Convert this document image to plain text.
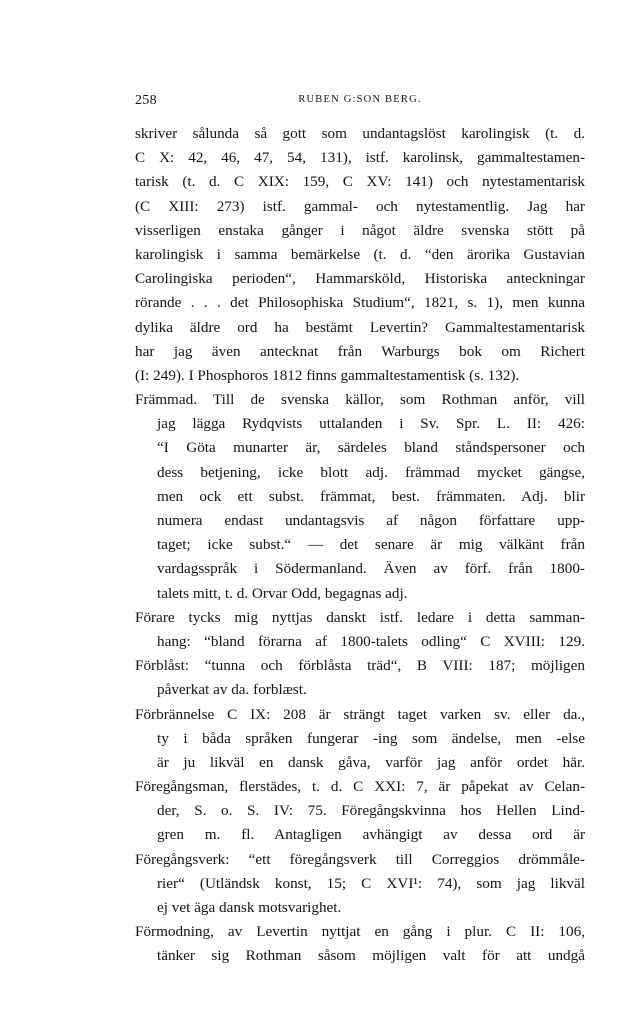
258	RUBEN G:SON BERG.
skriver sålunda så gott som undantagslöst karolingisk (t. d.
C X: 42, 46, 47, 54, 131), istf. karolinsk, gammaltestamen-
tarisk (t. d. C XIX: 159, C XV: 141) och nytestamentarisk
(C XIII: 273) istf. gammal- och nytestamentlig. Jag har
visserligen enstaka gånger i något äldre svenska stött på
karolingisk i samma bemärkelse (t. d. “den ärorika Gustavian
Carolingiska perioden“, Hammarsköld, Historiska anteckningar
rörande . . . det Philosophiska Studium“, 1821, s. 1), men kunna
dylika äldre ord ha bestämt Levertin? Gammaltestamentarisk
har jag även antecknat från Warburgs bok om Richert
(I: 249). I Phosphoros 1812 finns gammaltestamentisk (s. 132).
Främmad. Till de svenska källor, som Rothman anför, vill
jag lägga Rydqvists uttalanden i Sv. Spr. L. II: 426:
“I Göta munarter är, särdeles bland ståndspersoner och
dess betjening, icke blott adj. främmad mycket gängse,
men ock ett subst. främmat, best. främmaten. Adj. blir
numera endast undantagsvis af någon författare upp-
taget; icke subst.“ — det senare är mig välkänt från
vardagsspråk i Södermanland. Även av förf. från 1800-
talets mitt, t. d. Orvar Odd, begagnas adj.
Förare tycks mig nyttjas danskt istf. ledare i detta samman-
hang: “bland förarna af 1800-talets odling“ C XVIII: 129.
Förblåst: “tunna och förblåsta träd“, B VIII: 187; möjligen
påverkat av da. forblæst.
Förbrännelse C IX: 208 är strängt taget varken sv. eller da.,
ty i båda språken fungerar -ing som ändelse, men -else
är ju likväl en dansk gåva, varför jag anför ordet här.
Föregångsman, flerstädes, t. d. C XXI: 7, är påpekat av Celan-
der, S. o. S. IV: 75. Föregångskvinna hos Hellen Lind-
gren m. fl. Antagligen avhängigt av dessa ord är
Föregångsverk: “ett föregångsverk till Correggios drömmåle-
rier“ (Utländsk konst, 15; C XVI¹: 74), som jag likväl
ej vet äga dansk motsvarighet.
Förmodning, av Levertin nyttjat en gång i plur. C II: 106,
tänker sig Rothman såsom möjligen valt för att undgå
